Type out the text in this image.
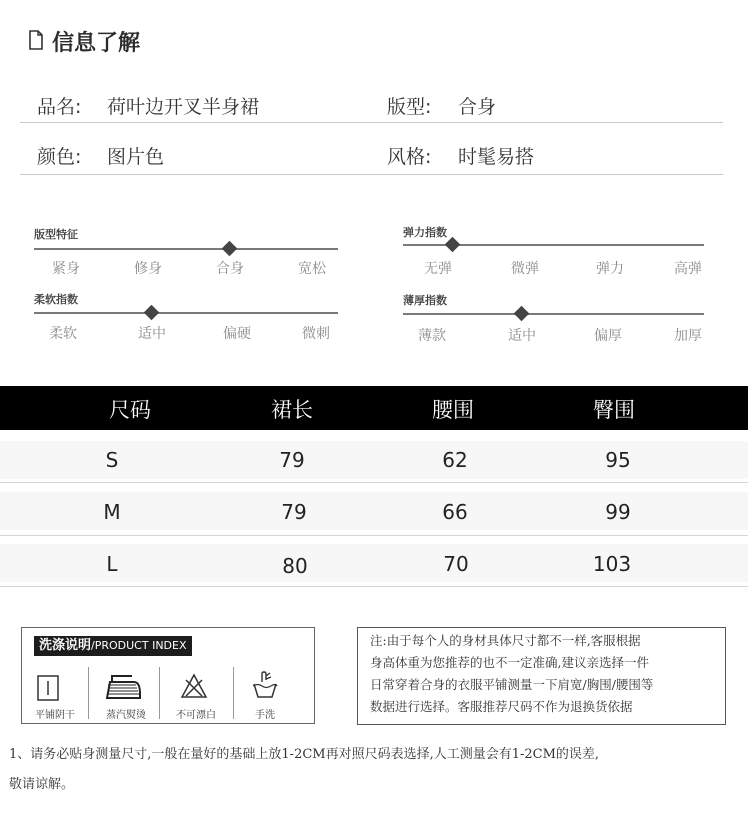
信息了解
品名: 荷叶边开叉半身裙	版型: 合身
颜色: 图片色	风格: 时髦易搭
版型特征
紧身	修身	合身	宽松
柔软指数
柔软	适中	偏硬	微刺
弹力指数
无弹	微弹	弹力	高弹
薄厚指数
薄款	适中	偏厚	加厚
尺码	裙长	腰围	臀围
S	79	62	95
M	79	66	99
L	80	70	103
洗涤说明/PRODUCT INDEX
平铺阴干	蒸汽熨烫	不可漂白	手洗
注:由于每个人的身材具体尺寸都不一样,客服根据
身高体重为您推荐的也不一定准确,建议亲选择一件
日常穿着合身的衣服平铺测量一下肩宽/胸围/腰围等
数据进行选择。客服推荐尺码不作为退换货依据
1、请务必贴身测量尺寸,一般在量好的基础上放1-2CM再对照尺码表选择,人工测量会有1-2CM的误差,
敬请谅解。
